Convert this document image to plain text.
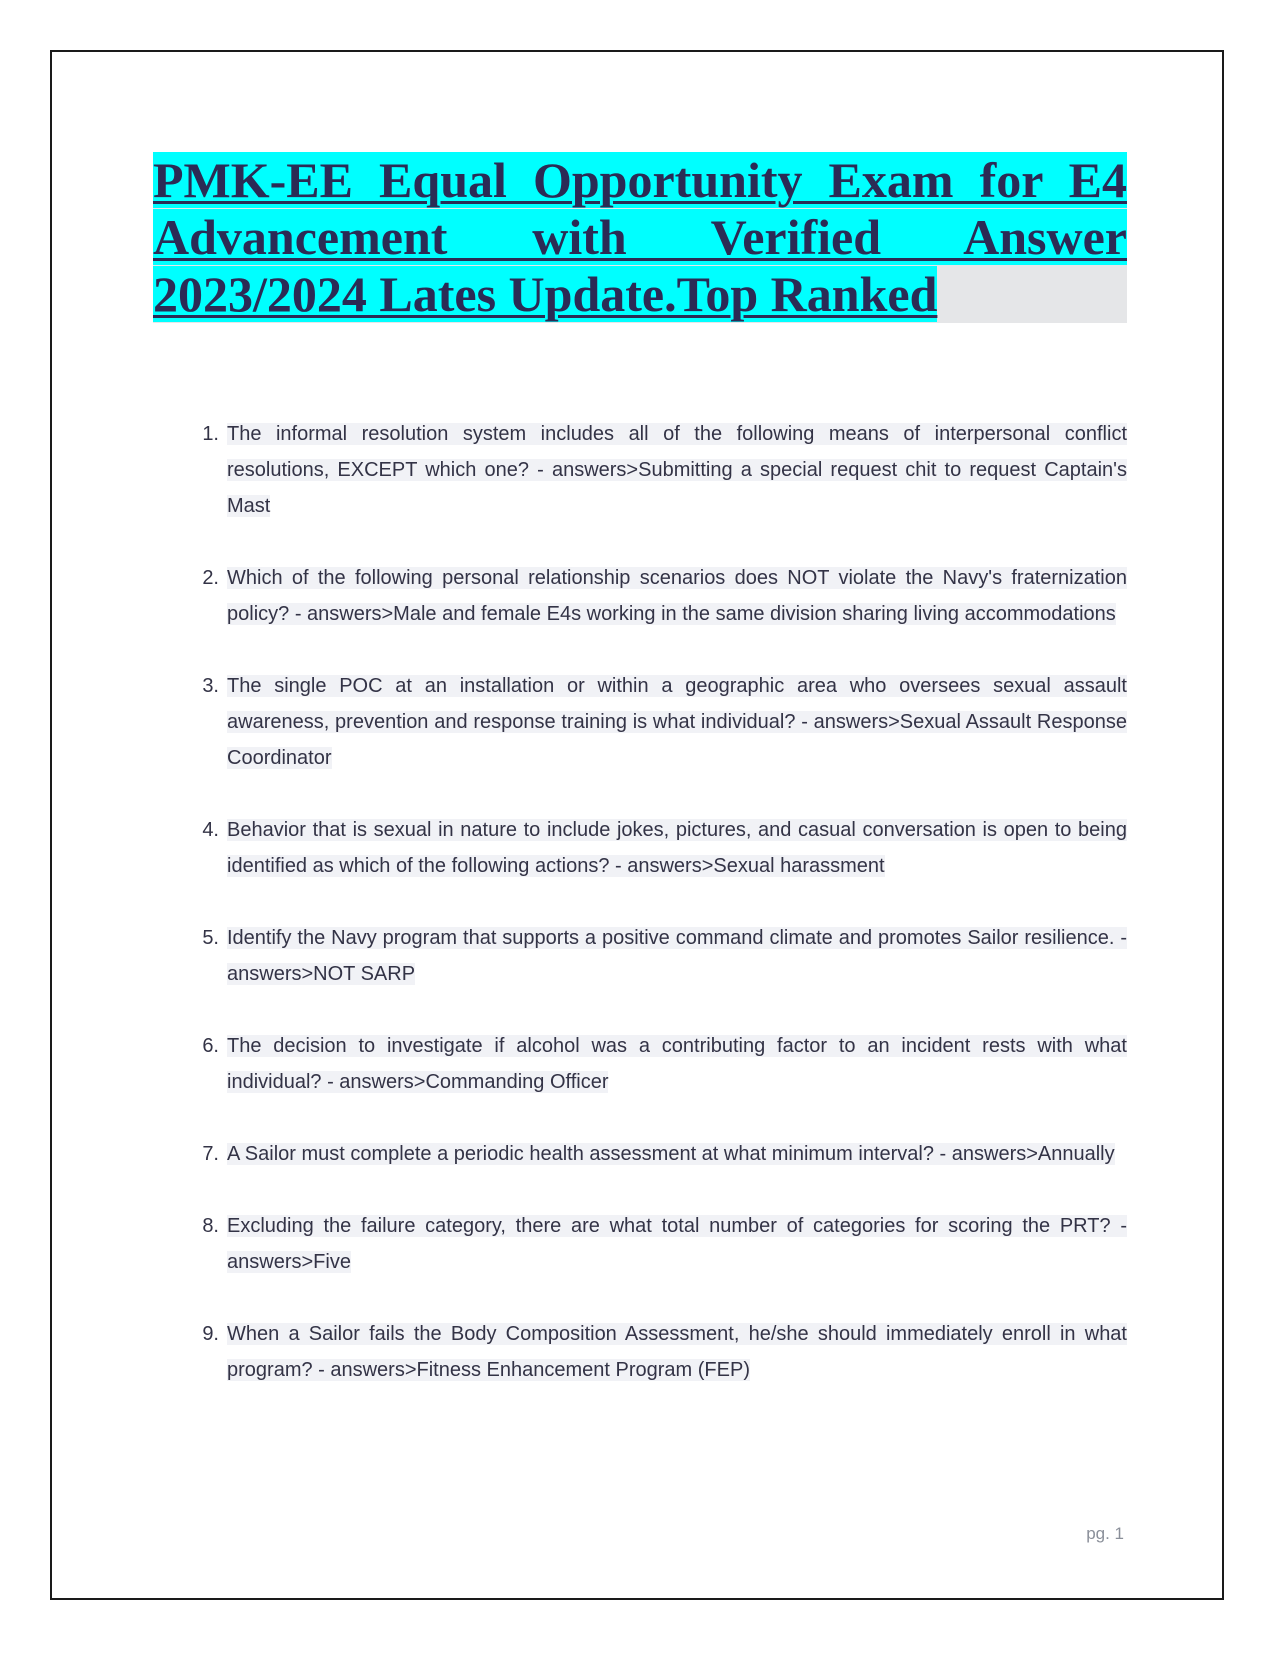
PMK-EE Equal Opportunity Exam for E4 Advancement with Verified Answer 2023/2024 Lates Update.Top Ranked
1. The informal resolution system includes all of the following means of interpersonal conflict resolutions, EXCEPT which one? - answers>Submitting a special request chit to request Captain's Mast

2. Which of the following personal relationship scenarios does NOT violate the Navy's fraternization policy? - answers>Male and female E4s working in the same division sharing living accommodations

3. The single POC at an installation or within a geographic area who oversees sexual assault awareness, prevention and response training is what individual? - answers>Sexual Assault Response Coordinator

4. Behavior that is sexual in nature to include jokes, pictures, and casual conversation is open to being identified as which of the following actions? - answers>Sexual harassment

5. Identify the Navy program that supports a positive command climate and promotes Sailor resilience. - answers>NOT SARP

6. The decision to investigate if alcohol was a contributing factor to an incident rests with what individual? - answers>Commanding Officer

7. A Sailor must complete a periodic health assessment at what minimum interval? - answers>Annually

8. Excluding the failure category, there are what total number of categories for scoring the PRT? - answers>Five

9. When a Sailor fails the Body Composition Assessment, he/she should immediately enroll in what program? - answers>Fitness Enhancement Program (FEP)

pg. 1
